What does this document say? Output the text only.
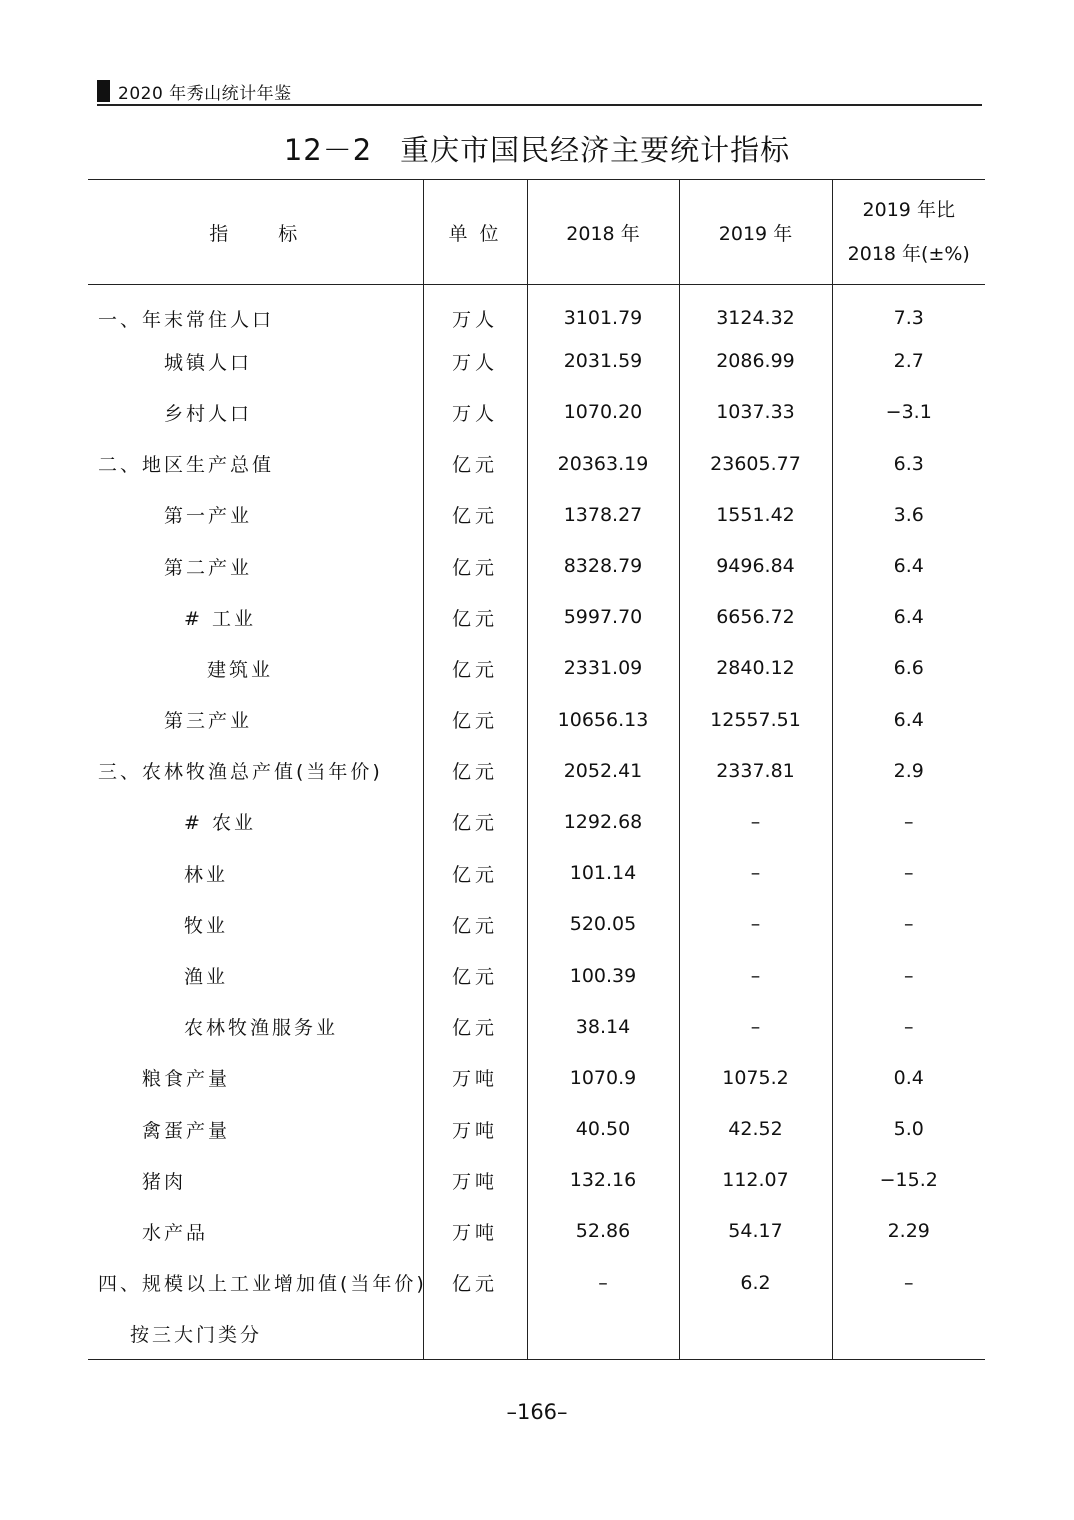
2020 年秀山统计年鉴
12－2 重庆市国民经济主要统计指标
指　　标	单 位	2018 年	2019 年	2019 年比
2018 年(±%)

一、年末常住人口	万人	3101.79	3124.32	7.3
城镇人口	万人	2031.59	2086.99	2.7
乡村人口	万人	1070.20	1037.33	−3.1
二、地区生产总值	亿元	20363.19	23605.77	6.3
第一产业	亿元	1378.27	1551.42	3.6
第二产业	亿元	8328.79	9496.84	6.4
# 工业	亿元	5997.70	6656.72	6.4
建筑业	亿元	2331.09	2840.12	6.6
第三产业	亿元	10656.13	12557.51	6.4
三、农林牧渔总产值(当年价)	亿元	2052.41	2337.81	2.9
# 农业	亿元	1292.68	–	–
林业	亿元	101.14	–	–
牧业	亿元	520.05	–	–
渔业	亿元	100.39	–	–
农林牧渔服务业	亿元	38.14	–	–
粮食产量	万吨	1070.9	1075.2	0.4
禽蛋产量	万吨	40.50	42.52	5.0
猪肉	万吨	132.16	112.07	−15.2
水产品	万吨	52.86	54.17	2.29
四、规模以上工业增加值(当年价)	亿元	–	6.2	–
按三大门类分				
–166–
